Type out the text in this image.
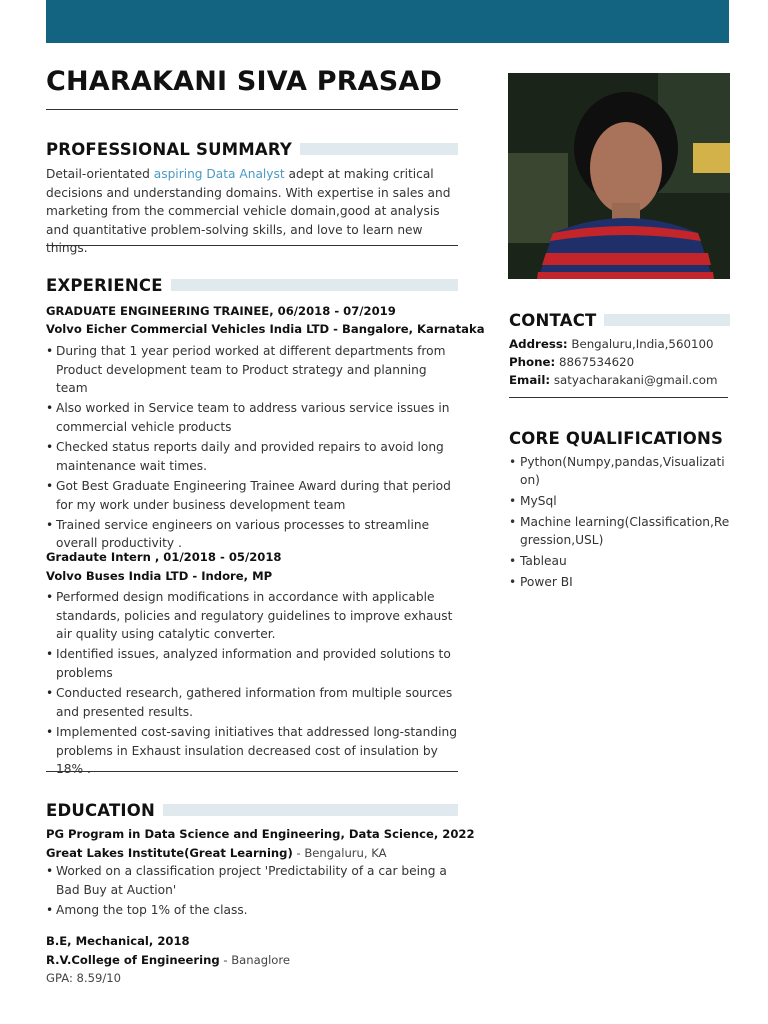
CHARAKANI SIVA PRASAD
PROFESSIONAL SUMMARY

Detail-orientated aspiring Data Analyst adept at making critical decisions and understanding domains. With expertise in sales and marketing from the commercial vehicle domain,good at analysis and quantitative problem-solving skills, and love to learn new things.

EXPERIENCE
GRADUATE ENGINEERING TRAINEE, 06/2018 - 07/2019
Volvo Eicher Commercial Vehicles India LTD - Bangalore, Karnataka
• During that 1 year period worked at different departments from Product development team to Product strategy and planning team
• Also worked in Service team to address various service issues in commercial vehicle products
• Checked status reports daily and provided repairs to avoid long maintenance wait times.
• Got Best Graduate Engineering Trainee Award during that period for my work under business development team
• Trained service engineers on various processes to streamline overall productivity .
Gradaute Intern , 01/2018 - 05/2018
Volvo Buses India LTD - Indore, MP
• Performed design modifications in accordance with applicable standards, policies and regulatory guidelines to improve exhaust air quality using catalytic converter.
• Identified issues, analyzed information and provided solutions to problems
• Conducted research, gathered information from multiple sources and presented results.
• Implemented cost-saving initiatives that addressed long-standing problems in Exhaust insulation decreased cost of insulation by 18% .
EDUCATION
PG Program in Data Science and Engineering, Data Science, 2022
Great Lakes Institute(Great Learning) - Bengaluru, KA
• Worked on a classification project 'Predictability of a car being a Bad Buy at Auction'
• Among the top 1% of the class.
B.E, Mechanical, 2018
R.V.College of Engineering - Banaglore
GPA: 8.59/10
CONTACT
Address: Bengaluru,India,560100
Phone: 8867534620
Email: satyacharakani@gmail.com
CORE QUALIFICATIONS
• Python(Numpy,pandas,Visualization)
• MySql
• Machine learning(Classification,Regression,USL)
• Tableau
• Power BI
